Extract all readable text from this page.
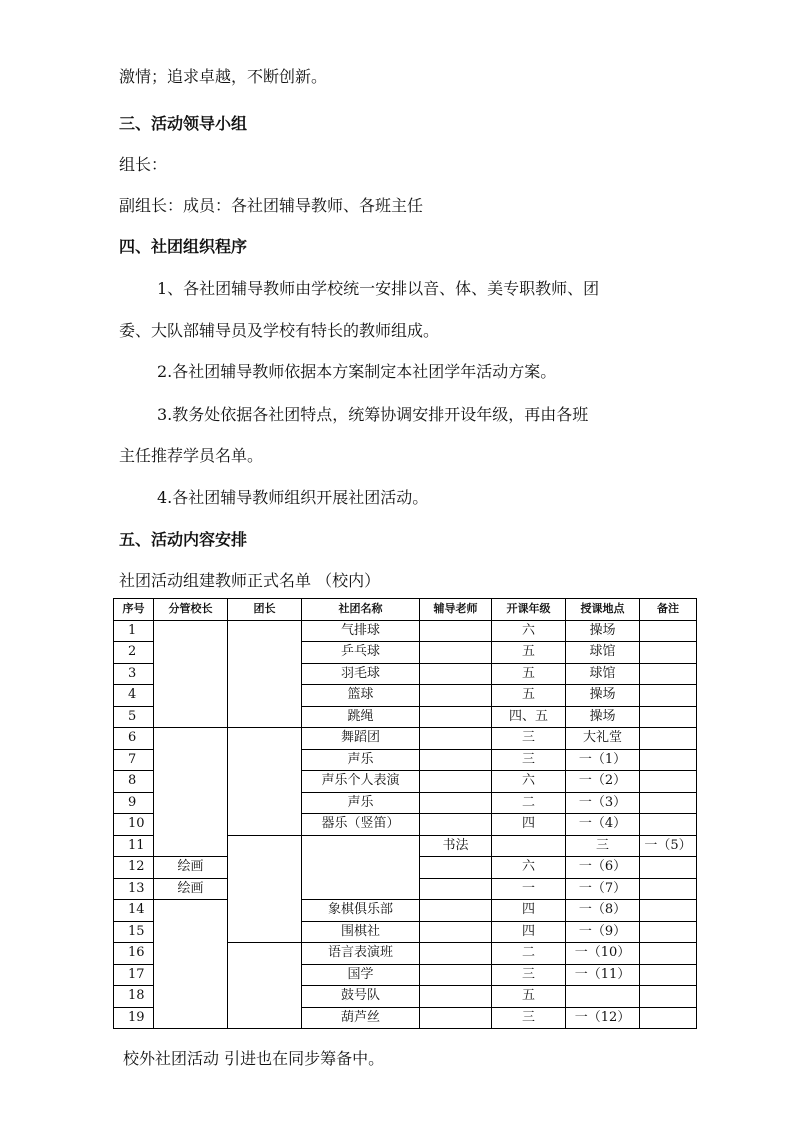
激情；追求卓越，不断创新。
三、活动领导小组
组长：
副组长：成员：各社团辅导教师、各班主任
四、社团组织程序
1、各社团辅导教师由学校统一安排以音、体、美专职教师、团
委、大队部辅导员及学校有特长的教师组成。
2.各社团辅导教师依据本方案制定本社团学年活动方案。
3.教务处依据各社团特点，统筹协调安排开设年级，再由各班
主任推荐学员名单。
4.各社团辅导教师组织开展社团活动。
五、活动内容安排
社团活动组建教师正式名单 （校内）
序号	分管校长	团长	社团名称	辅导老师	开课年级	授课地点	备注	
1			气排球		六	操场		
2			乒乓球		五	球馆		
3			羽毛球		五	球馆		
4			篮球		五	操场		
5			跳绳		四、五	操场		
6			舞蹈团		三	大礼堂		
7			声乐		三	一（1）		
8			声乐个人表演		六	一（2）		
9			声乐		二	一（3）		
10			器乐（竖笛）		四	一（4）		
11				书法		三	一（5）	
12	绘画				六	一（6）		
13	绘画				一	一（7）		
14			象棋俱乐部		四	一（8）		
15			围棋社		四	一（9）		
16			语言表演班		二	一（10）		
17			国学		三	一（11）		
18			鼓号队		五			
19			葫芦丝		三	一（12）		
校外社团活动 引进也在同步筹备中。
